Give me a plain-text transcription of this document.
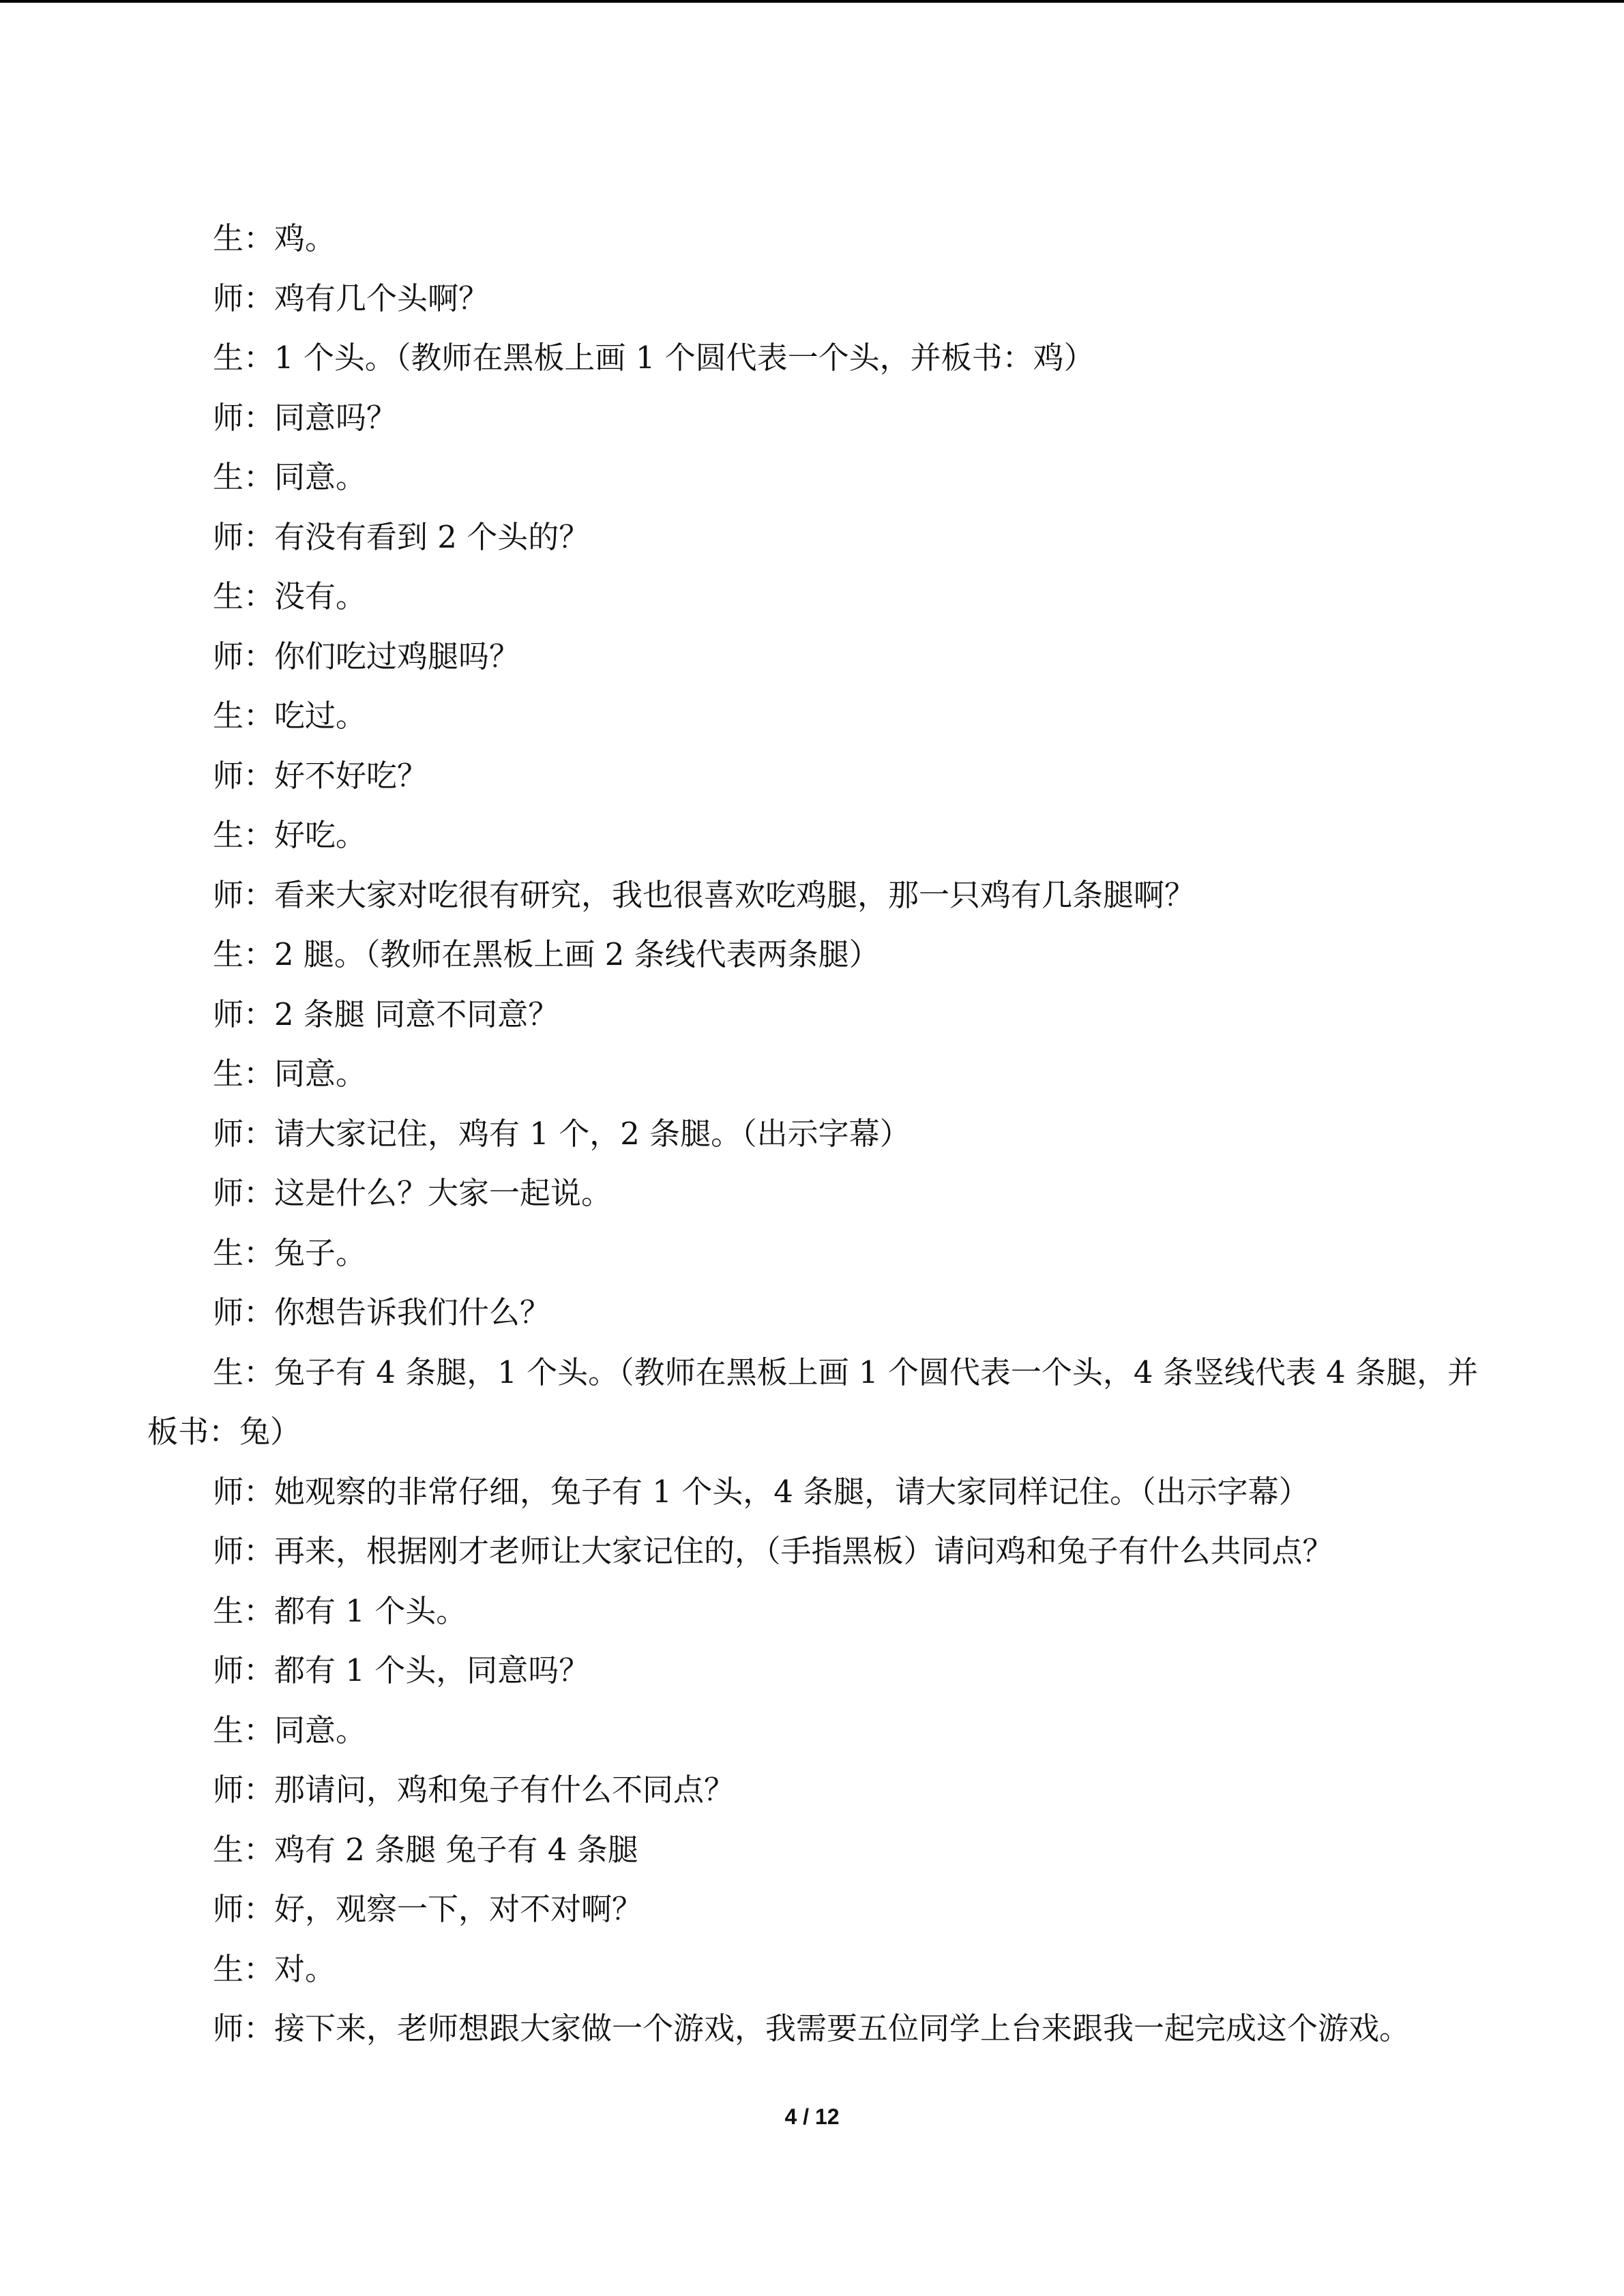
生：鸡。

师：鸡有几个头啊？

生：1 个头。（教师在黑板上画 1 个圆代表一个头，并板书：鸡）

师：同意吗？

生：同意。

师：有没有看到 2 个头的？

生：没有。

师：你们吃过鸡腿吗？

生：吃过。

师：好不好吃？

生：好吃。

师：看来大家对吃很有研究，我也很喜欢吃鸡腿，那一只鸡有几条腿啊？

生：2 腿。（教师在黑板上画 2 条线代表两条腿）

师：2 条腿 同意不同意？

生：同意。

师：请大家记住，鸡有 1 个，2 条腿。（出示字幕）

师：这是什么？大家一起说。

生：兔子。

师：你想告诉我们什么？

生：兔子有 4 条腿，1 个头。（教师在黑板上画 1 个圆代表一个头，4 条竖线代表 4 条腿，并板书：兔）

师：她观察的非常仔细，兔子有 1 个头，4 条腿，请大家同样记住。（出示字幕）

师：再来，根据刚才老师让大家记住的，（手指黑板）请问鸡和兔子有什么共同点？

生：都有 1 个头。

师：都有 1 个头，同意吗？

生：同意。

师：那请问，鸡和兔子有什么不同点？

生：鸡有 2 条腿 兔子有 4 条腿

师：好，观察一下，对不对啊？

生：对。

师：接下来，老师想跟大家做一个游戏，我需要五位同学上台来跟我一起完成这个游戏。

4 / 12
